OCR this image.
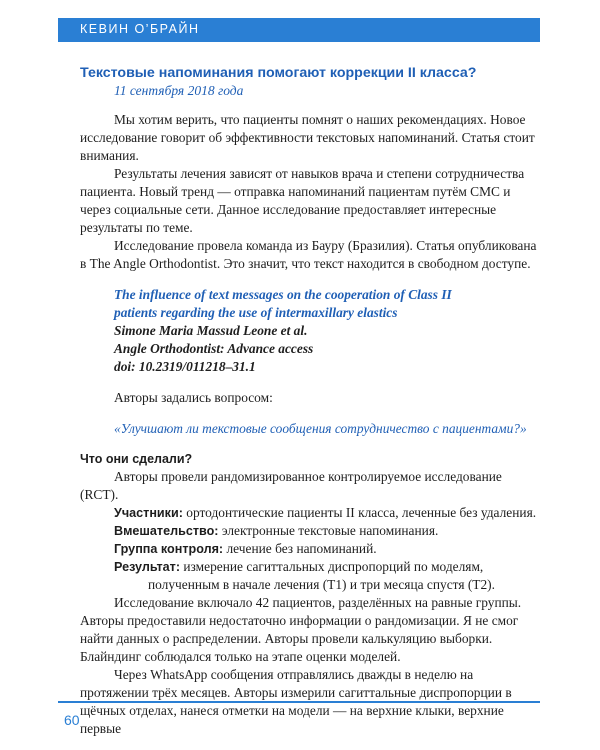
КЕВИН О’БРАЙН
Текстовые напоминания помогают коррекции II класса?
11 сентября 2018 года

Мы хотим верить, что пациенты помнят о наших рекомендациях. Новое исследование говорит об эффективности текстовых напоминаний. Статья стоит внимания.

Результаты лечения зависят от навыков врача и степени сотрудничества пациента. Новый тренд — отправка напоминаний пациентам путём СМС и через социальные сети. Данное исследование предоставляет интересные результаты по теме.

Исследование провела команда из Бауру (Бразилия). Статья опубликована в The Angle Orthodontist. Это значит, что текст находится в свободном доступе.

The influence of text messages on the cooperation of Class II
patients regarding the use of intermaxillary elastics
Simone Maria Massud Leone et al.
Angle Orthodontist: Advance access
doi: 10.2319/011218–31.1

Авторы задались вопросом:

«Улучшают ли текстовые сообщения сотрудничество с пациентами?»

Что они сделали?

Авторы провели рандомизированное контролируемое исследование (RCT).

Участники: ортодонтические пациенты II класса, леченные без удаления.

Вмешательство: электронные текстовые напоминания.

Группа контроля: лечение без напоминаний.

Результат: измерение сагиттальных диспропорций по моделям, полученным в начале лечения (T1) и три месяца спустя (T2).

Исследование включало 42 пациентов, разделённых на равные группы. Авторы предоставили недостаточно информации о рандомизации. Я не смог найти данных о распределении. Авторы провели калькуляцию выборки. Блайндинг соблюдался только на этапе оценки моделей.

Через WhatsApp сообщения отправлялись дважды в неделю на протяжении трёх месяцев. Авторы измерили сагиттальные диспропорции в щёчных отделах, нанеся отметки на модели — на верхние клыки, верхние первые

60
